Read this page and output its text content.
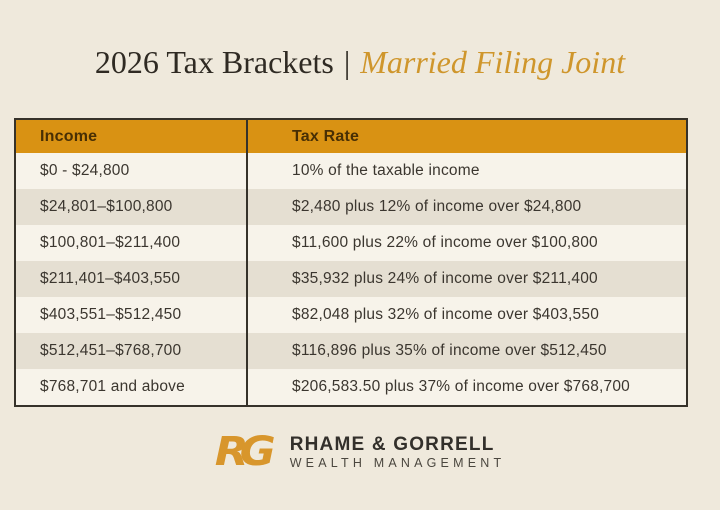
2026 Tax Brackets | Married Filing Joint
Income	Tax Rate
$0 - $24,800	10% of the taxable income
$24,801–$100,800	$2,480 plus 12% of income over $24,800
$100,801–$211,400	$11,600 plus 22% of income over $100,800
$211,401–$403,550	$35,932 plus 24% of income over $211,400
$403,551–$512,450	$82,048 plus 32% of income over $403,550
$512,451–$768,700	$116,896 plus 35% of income over $512,450
$768,701 and above	$206,583.50 plus 37% of income over $768,700
RG	RHAME & GORRELL
WEALTH MANAGEMENT
